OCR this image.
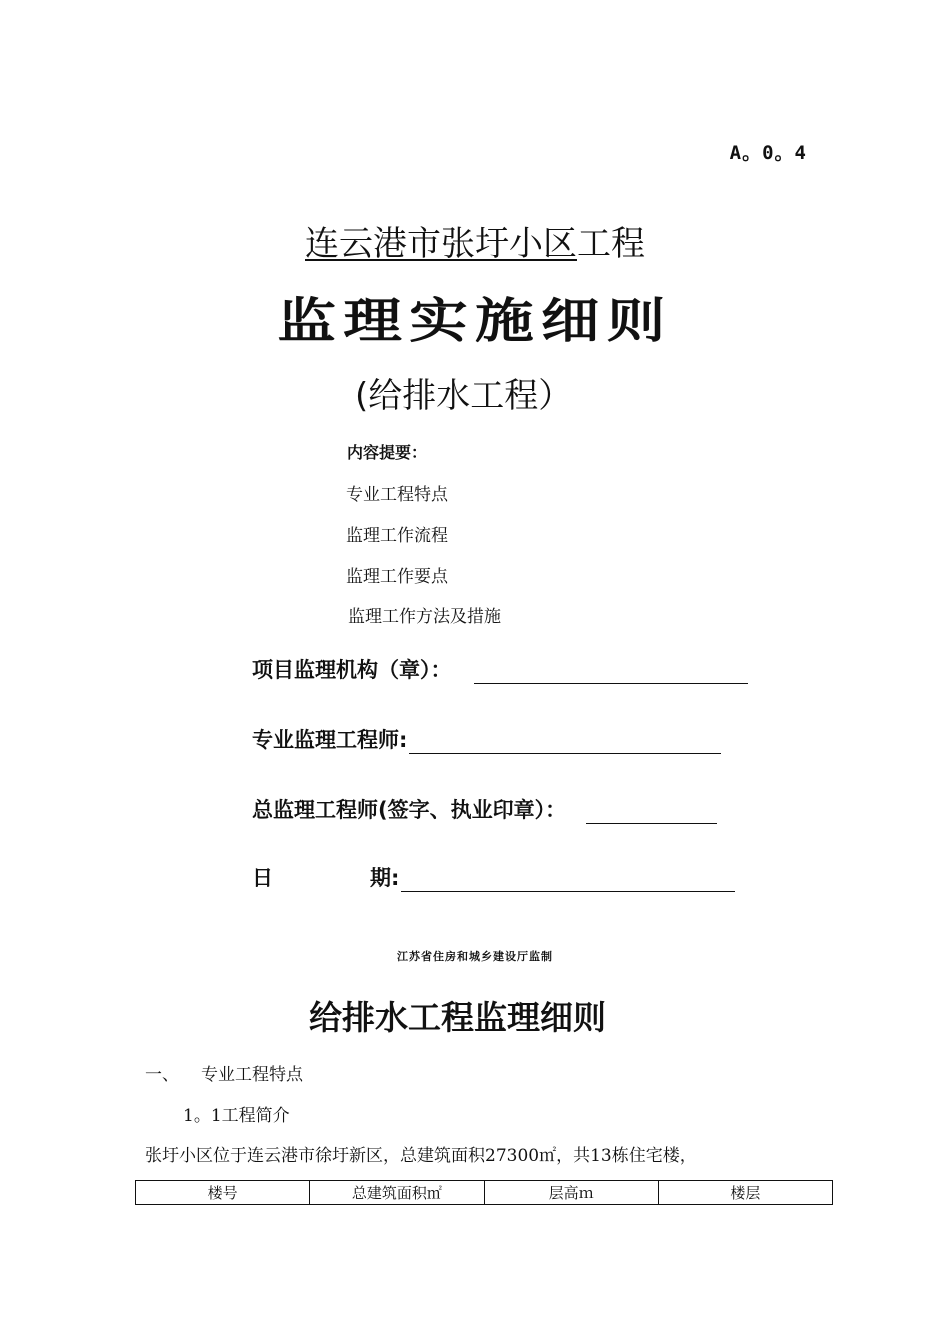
A。0。4
连云港市张圩小区工程
监理实施细则
(给排水工程）
内容提要：
专业工程特点
监理工作流程
监理工作要点
监理工作方法及措施
项目监理机构（章）：
专业监理工程师:
总监理工程师(签字、执业印章）：
日	期:
江苏省住房和城乡建设厅监制
给排水工程监理细则
一、 专业工程特点
1。1工程简介
张圩小区位于连云港市徐圩新区，总建筑面积27300㎡，共13栋住宅楼，
楼号	总建筑面积㎡	层高ｍ	楼层
